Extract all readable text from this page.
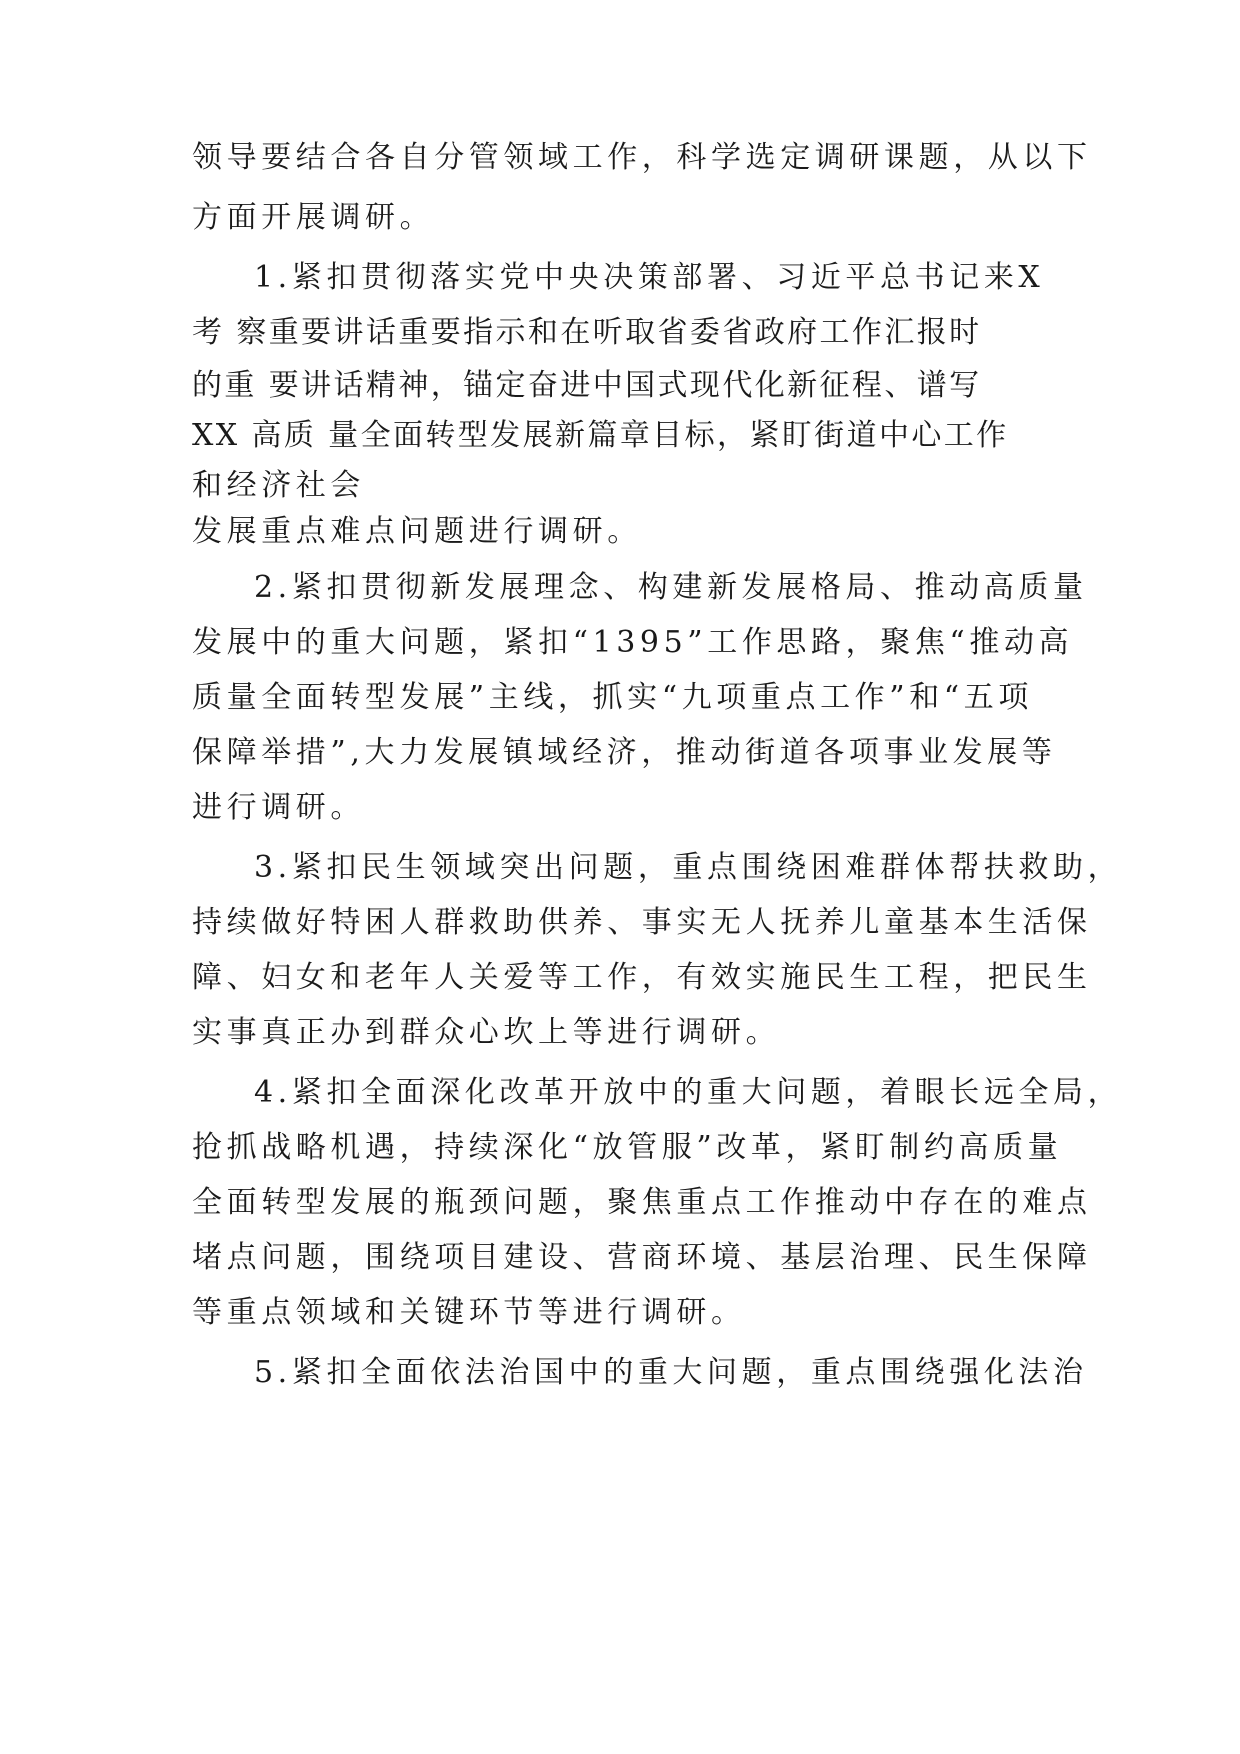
领导要结合各自分管领域工作，科学选定调研课题，从以下
方面开展调研。
1.紧扣贯彻落实党中央决策部署、习近平总书记来X
考 察重要讲话重要指示和在听取省委省政府工作汇报时
的重 要讲话精神，锚定奋进中国式现代化新征程、谱写
XX 高质 量全面转型发展新篇章目标，紧盯街道中心工作
和经济社会
发展重点难点问题进行调研。
2.紧扣贯彻新发展理念、构建新发展格局、推动高质量
发展中的重大问题，紧扣“1395”工作思路，聚焦“推动高
质量全面转型发展”主线，抓实“九项重点工作”和“五项
保障举措”,大力发展镇域经济，推动街道各项事业发展等
进行调研。
3.紧扣民生领域突出问题，重点围绕困难群体帮扶救助，
持续做好特困人群救助供养、事实无人抚养儿童基本生活保
障、妇女和老年人关爱等工作，有效实施民生工程，把民生
实事真正办到群众心坎上等进行调研。
4.紧扣全面深化改革开放中的重大问题，着眼长远全局，
抢抓战略机遇，持续深化“放管服”改革，紧盯制约高质量
全面转型发展的瓶颈问题，聚焦重点工作推动中存在的难点
堵点问题，围绕项目建设、营商环境、基层治理、民生保障
等重点领域和关键环节等进行调研。
5.紧扣全面依法治国中的重大问题，重点围绕强化法治
